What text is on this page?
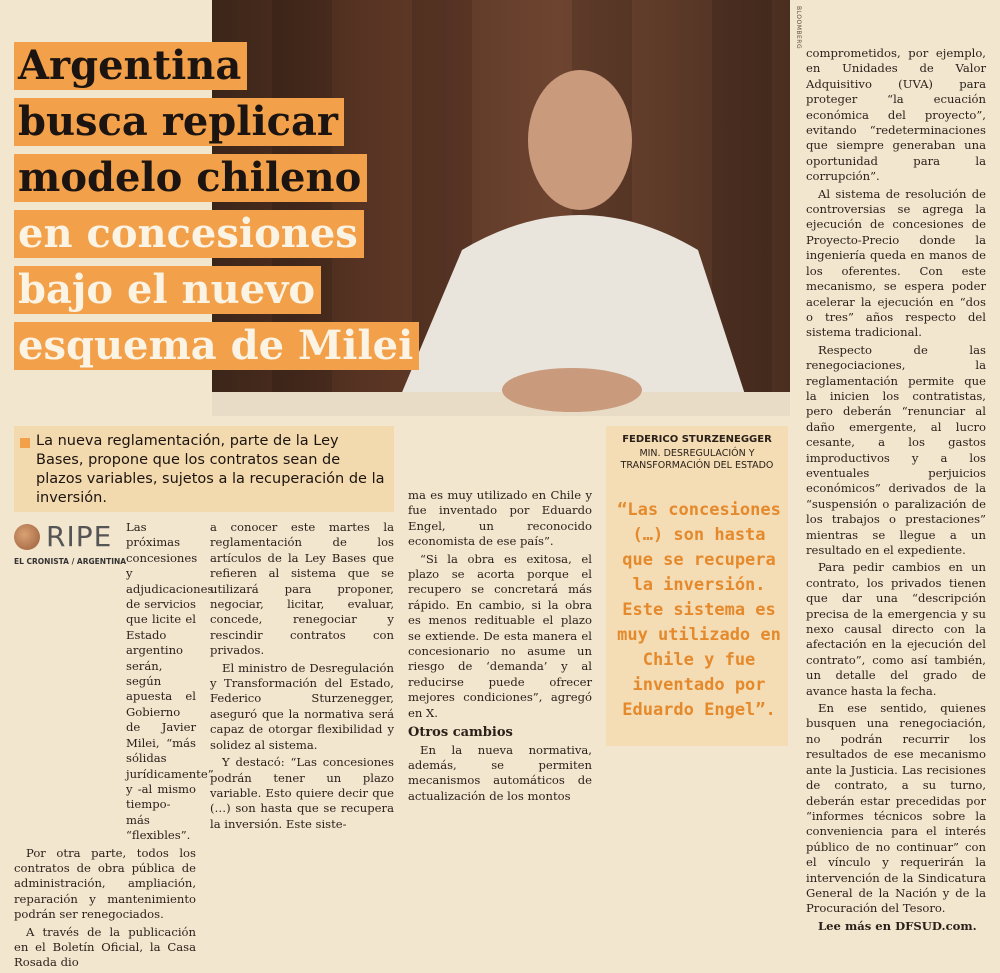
BLOOMBERG
Argentina
busca replicar
modelo chileno
en concesiones
bajo el nuevo
esquema de Milei

La nueva reglamentación, parte de la Ley Bases, propone que los contratos sean de plazos variables, sujetos a la recuperación de la inversión.

RIPE
EL CRONISTA / ARGENTINA

Las próximas concesiones y adjudicaciones de servicios que licite el Estado argentino serán, según apuesta el Gobierno de Javier Milei, “más sólidas jurídicamente” y -al mismo tiempo- más “flexibles”.

Por otra parte, todos los contratos de obra pública de administración, ampliación, reparación y mantenimiento podrán ser renegociados.

A través de la publicación en el Boletín Oficial, la Casa Rosada dio

a conocer este martes la reglamentación de los artículos de la Ley Bases que refieren al sistema que se utilizará para proponer, negociar, licitar, evaluar, concede, renegociar y rescindir contratos con privados.

El ministro de Desregulación y Transformación del Estado, Federico Sturzenegger, aseguró que la normativa será capaz de otorgar flexibilidad y solidez al sistema.

Y destacó: “Las concesiones podrán tener un plazo variable. Esto quiere decir que (…) son hasta que se recupera la inversión. Este siste-

ma es muy utilizado en Chile y fue inventado por Eduardo Engel, un reconocido economista de ese país”.

“Si la obra es exitosa, el plazo se acorta porque el recupero se concretará más rápido. En cambio, si la obra es menos redituable el plazo se extiende. De esta manera el concesionario no asume un riesgo de ‘demanda’ y al reducirse puede ofrecer mejores condiciones”, agregó en X.

Otros cambios

En la nueva normativa, además, se permiten mecanismos automáticos de actualización de los montos

FEDERICO STURZENEGGER
MIN. DESREGULACIÓN Y TRANSFORMACIÓN DEL ESTADO
“Las concesiones (…) son hasta que se recupera la inversión. Este sistema es muy utilizado en Chile y fue inventado por Eduardo Engel”.

comprometidos, por ejemplo, en Unidades de Valor Adquisitivo (UVA) para proteger “la ecuación económica del proyecto”, evitando “redeterminaciones que siempre generaban una oportunidad para la corrupción”.

Al sistema de resolución de controversias se agrega la ejecución de concesiones de Proyecto-Precio donde la ingeniería queda en manos de los oferentes. Con este mecanismo, se espera poder acelerar la ejecución en “dos o tres” años respecto del sistema tradicional.

Respecto de las renegociaciones, la reglamentación permite que la inicien los contratistas, pero deberán “renunciar al daño emergente, al lucro cesante, a los gastos improductivos y a los eventuales perjuicios económicos” derivados de la “suspensión o paralización de los trabajos o prestaciones” mientras se llegue a un resultado en el expediente.

Para pedir cambios en un contrato, los privados tienen que dar una “descripción precisa de la emergencia y su nexo causal directo con la afectación en la ejecución del contrato”, como así también, un detalle del grado de avance hasta la fecha.

En ese sentido, quienes busquen una renegociación, no podrán recurrir los resultados de ese mecanismo ante la Justicia. Las recisiones de contrato, a su turno, deberán estar precedidas por “informes técnicos sobre la conveniencia para el interés público de no continuar” con el vínculo y requerirán la intervención de la Sindicatura General de la Nación y de la Procuración del Tesoro.

Lee más en DFSUD.com.
